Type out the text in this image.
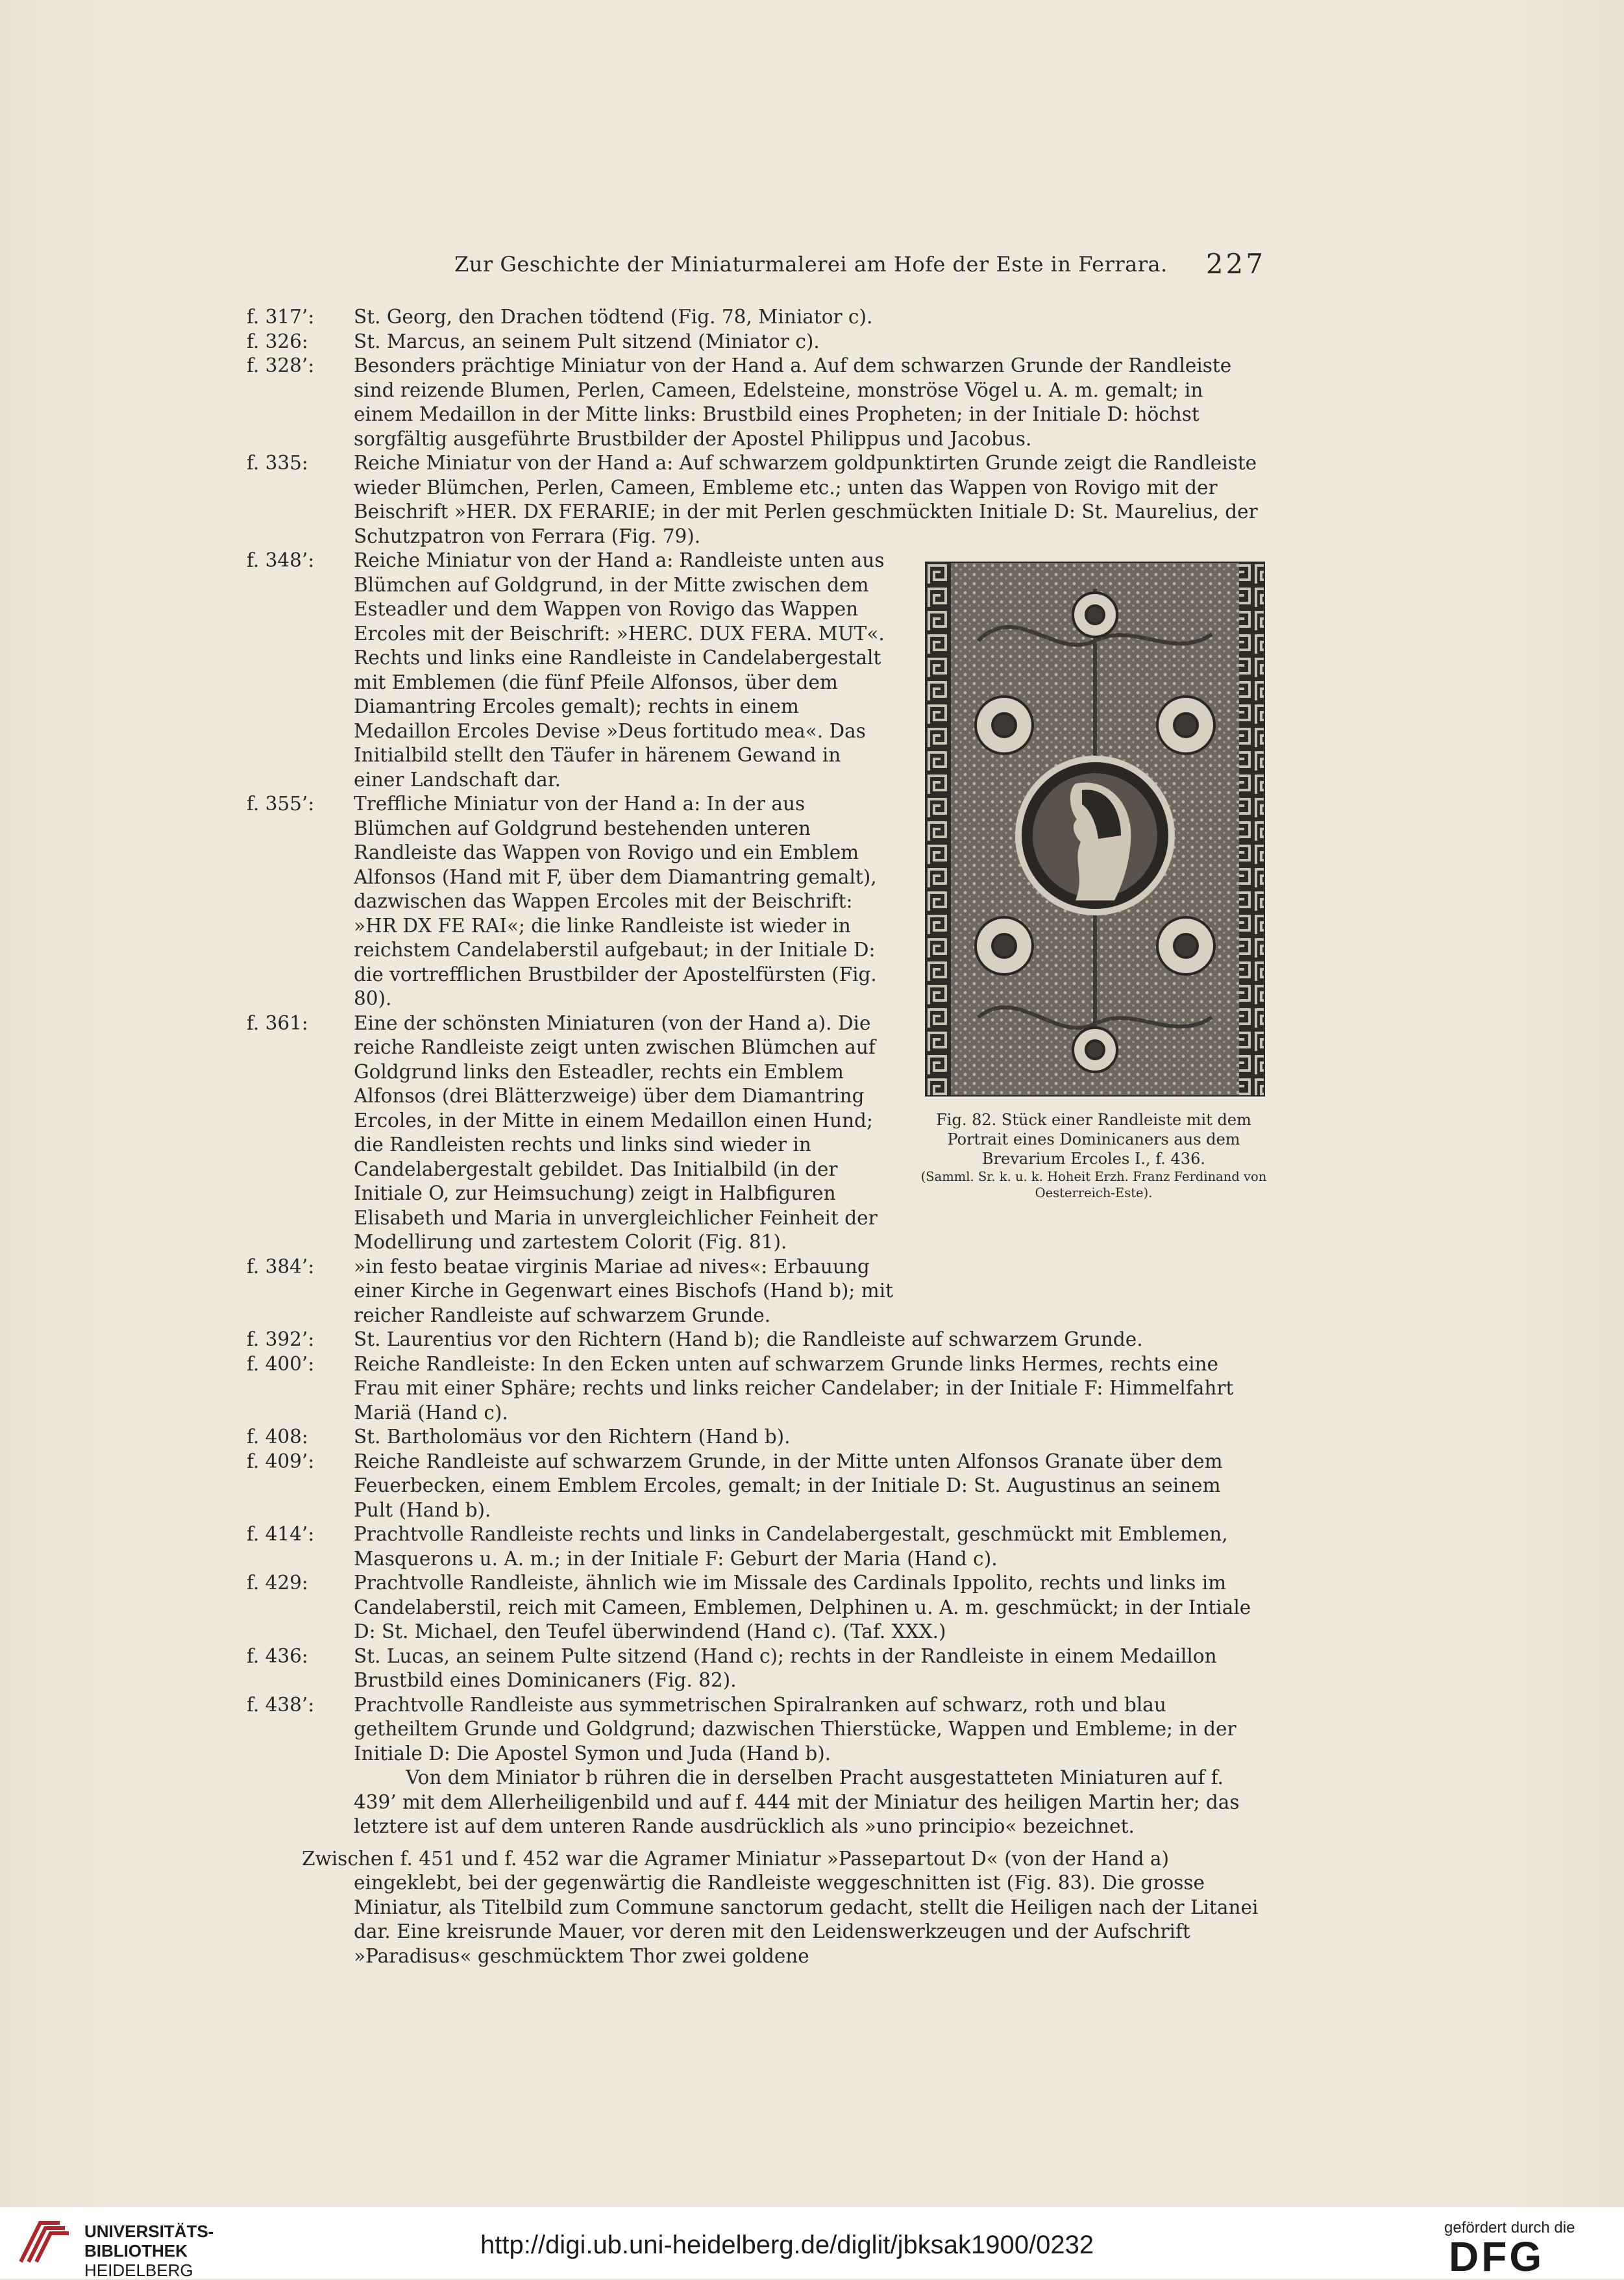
Zur Geschichte der Miniaturmalerei am Hofe der Este in Ferrara. 227
f. 317’: St. Georg, den Drachen tödtend (Fig. 78, Miniator c).
f. 326: St. Marcus, an seinem Pult sitzend (Miniator c).
f. 328’: Besonders prächtige Miniatur von der Hand a. Auf dem schwarzen Grunde der Randleiste sind reizende Blumen, Perlen, Cameen, Edelsteine, monströse Vögel u. A. m. gemalt; in einem Medaillon in der Mitte links: Brustbild eines Propheten; in der Initiale D: höchst sorgfältig ausgeführte Brustbilder der Apostel Philippus und Jacobus.
f. 335: Reiche Miniatur von der Hand a: Auf schwarzem goldpunktirten Grunde zeigt die Randleiste wieder Blümchen, Perlen, Cameen, Embleme etc.; unten das Wappen von Rovigo mit der Beischrift »HER. DX FERARIE; in der mit Perlen geschmückten Initiale D: St. Maurelius, der Schutzpatron von Ferrara (Fig. 79).
f. 348’: Reiche Miniatur von der Hand a: Randleiste unten aus Blümchen auf Goldgrund, in der Mitte zwischen dem Esteadler und dem Wappen von Rovigo das Wappen Ercoles mit der Beischrift: »HERC. DUX FERA. MUT«. Rechts und links eine Randleiste in Candelabergestalt mit Emblemen (die fünf Pfeile Alfonsos, über dem Diamantring Ercoles gemalt); rechts in einem Medaillon Ercoles Devise »Deus fortitudo mea«. Das Initialbild stellt den Täufer in härenem Gewand in einer Landschaft dar.
f. 355’: Treffliche Miniatur von der Hand a: In der aus Blümchen auf Goldgrund bestehenden unteren Randleiste das Wappen von Rovigo und ein Emblem Alfonsos (Hand mit F, über dem Diamantring gemalt), dazwischen das Wappen Ercoles mit der Beischrift: »HR DX FE RAI«; die linke Randleiste ist wieder in reichstem Candelaberstil aufgebaut; in der Initiale D: die vortrefflichen Brustbilder der Apostelfürsten (Fig. 80).
f. 361: Eine der schönsten Miniaturen (von der Hand a). Die reiche Randleiste zeigt unten zwischen Blümchen auf Goldgrund links den Esteadler, rechts ein Emblem Alfonsos (drei Blätterzweige) über dem Diamantring Ercoles, in der Mitte in einem Medaillon einen Hund; die Randleisten rechts und links sind wieder in Candelabergestalt gebildet. Das Initialbild (in der Initiale O, zur Heimsuchung) zeigt in Halbfiguren Elisabeth und Maria in unvergleichlicher Feinheit der Modellirung und zartestem Colorit (Fig. 81).
f. 384’: »in festo beatae virginis Mariae ad nives«: Erbauung einer Kirche in Gegenwart eines Bischofs (Hand b); mit reicher Randleiste auf schwarzem Grunde.
f. 392’: St. Laurentius vor den Richtern (Hand b); die Randleiste auf schwarzem Grunde.
f. 400’: Reiche Randleiste: In den Ecken unten auf schwarzem Grunde links Hermes, rechts eine Frau mit einer Sphäre; rechts und links reicher Candelaber; in der Initiale F: Himmelfahrt Mariä (Hand c).
f. 408: St. Bartholomäus vor den Richtern (Hand b).
f. 409’: Reiche Randleiste auf schwarzem Grunde, in der Mitte unten Alfonsos Granate über dem Feuerbecken, einem Emblem Ercoles, gemalt; in der Initiale D: St. Augustinus an seinem Pult (Hand b).
f. 414’: Prachtvolle Randleiste rechts und links in Candelabergestalt, geschmückt mit Emblemen, Masquerons u. A. m.; in der Initiale F: Geburt der Maria (Hand c).
f. 429: Prachtvolle Randleiste, ähnlich wie im Missale des Cardinals Ippolito, rechts und links im Candelaberstil, reich mit Cameen, Emblemen, Delphinen u. A. m. geschmückt; in der Intiale D: St. Michael, den Teufel überwindend (Hand c). (Taf. XXX.)
f. 436: St. Lucas, an seinem Pulte sitzend (Hand c); rechts in der Randleiste in einem Medaillon Brustbild eines Dominicaners (Fig. 82).
f. 438’: Prachtvolle Randleiste aus symmetrischen Spiralranken auf schwarz, roth und blau getheiltem Grunde und Goldgrund; dazwischen Thierstücke, Wappen und Embleme; in der Initiale D: Die Apostel Symon und Juda (Hand b).

Von dem Miniator b rühren die in derselben Pracht ausgestatteten Miniaturen auf f. 439’ mit dem Allerheiligenbild und auf f. 444 mit der Miniatur des heiligen Martin her; das letztere ist auf dem unteren Rande ausdrücklich als »uno principio« bezeichnet.

Zwischen f. 451 und f. 452 war die Agramer Miniatur »Passepartout D« (von der Hand a) eingeklebt, bei der gegenwärtig die Randleiste weggeschnitten ist (Fig. 83). Die grosse Miniatur, als Titelbild zum Commune sanctorum gedacht, stellt die Heiligen nach der Litanei dar. Eine kreisrunde Mauer, vor deren mit den Leidenswerkzeugen und der Aufschrift »Paradisus« geschmücktem Thor zwei goldene

Fig. 82. Stück einer Randleiste mit dem Portrait eines Dominicaners aus dem Brevarium Ercoles I., f. 436.
(Samml. Sr. k. u. k. Hoheit Erzh. Franz Ferdinand von Oesterreich-Este).
UNIVERSITÄTS-
BIBLIOTHEK
HEIDELBERG
http://digi.ub.uni-heidelberg.de/diglit/jbksak1900/0232
gefördert durch die
DFG
